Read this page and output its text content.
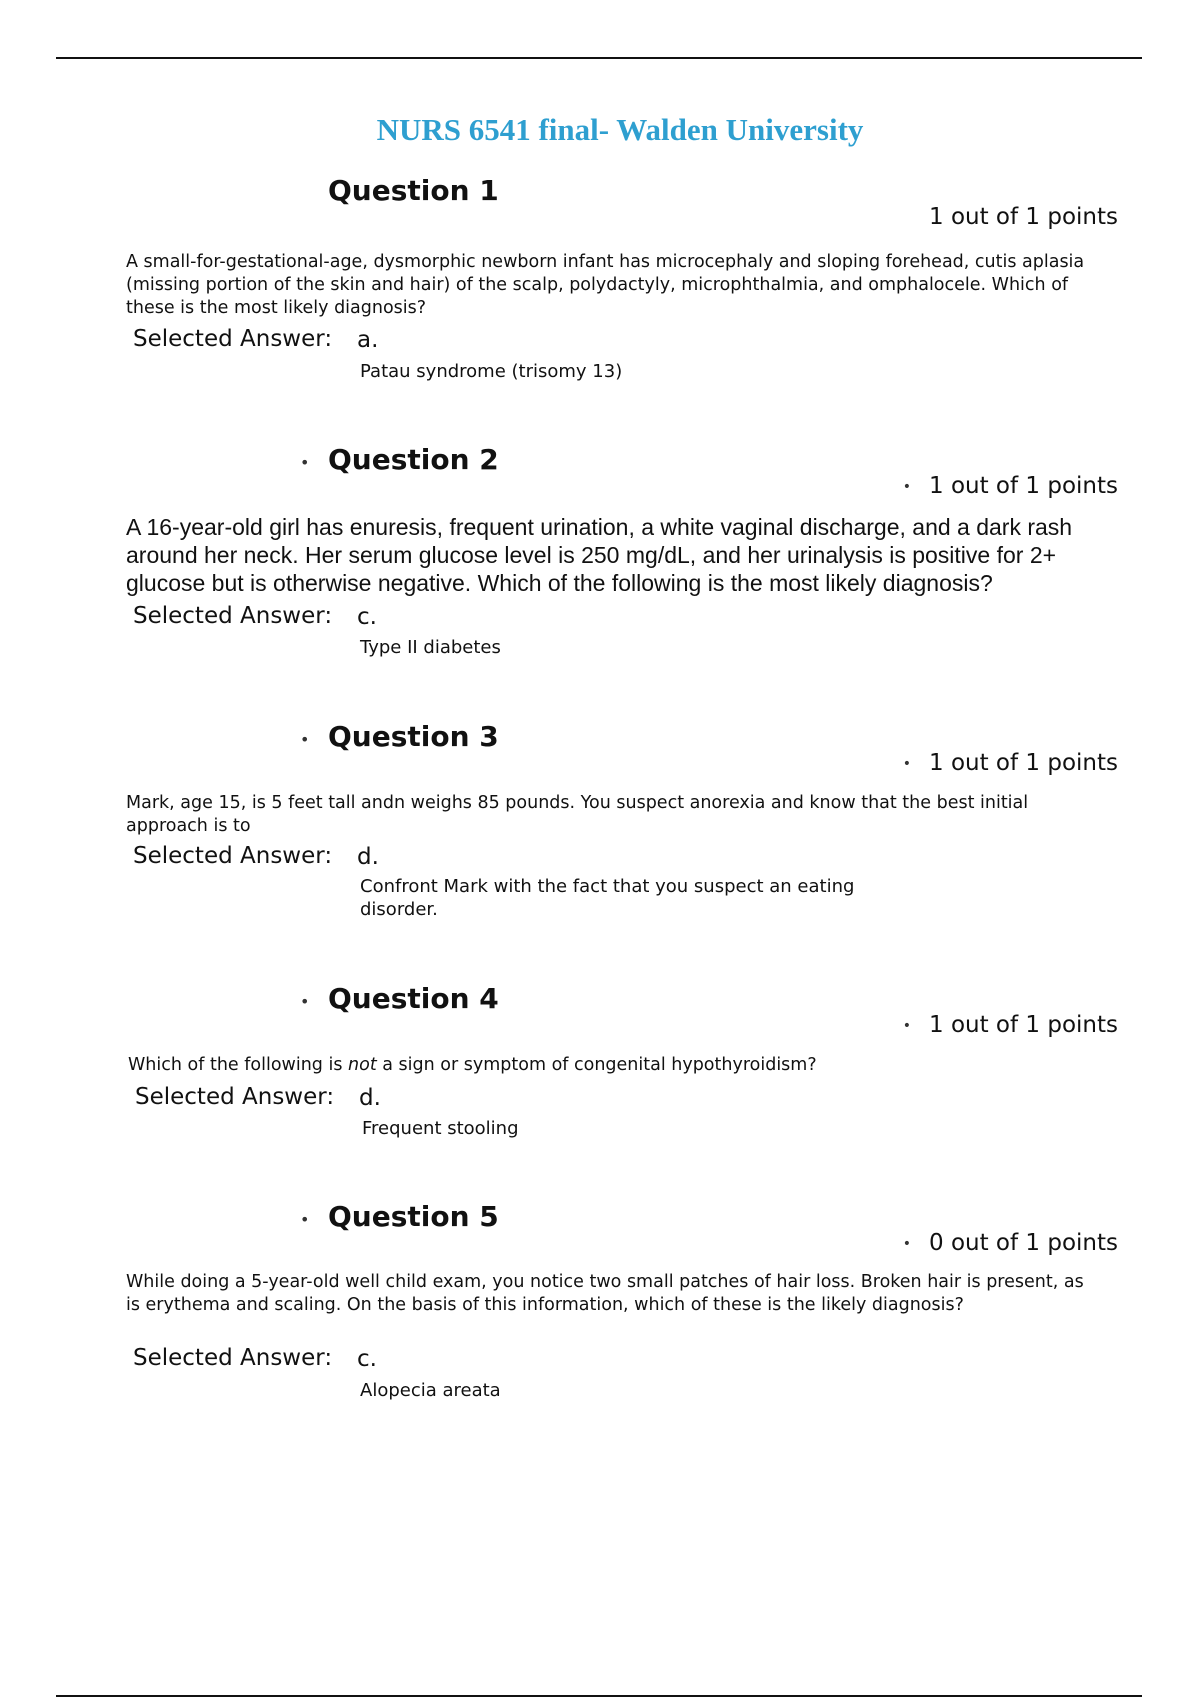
NURS 6541 final- Walden University
Question 1
1 out of 1 points

A small-for-gestational-age, dysmorphic newborn infant has microcephaly and sloping forehead, cutis aplasia (missing portion of the skin and hair) of the scalp, polydactyly, microphthalmia, and omphalocele. Which of these is the most likely diagnosis?

Selected Answer: a.
Patau syndrome (trisomy 13)
• Question 2
• 1 out of 1 points

A 16-year-old girl has enuresis, frequent urination, a white vaginal discharge, and a dark rash around her neck. Her serum glucose level is 250 mg/dL, and her urinalysis is positive for 2+ glucose but is otherwise negative. Which of the following is the most likely diagnosis?

Selected Answer: c.
Type II diabetes
• Question 3
• 1 out of 1 points

Mark, age 15, is 5 feet tall andn weighs 85 pounds. You suspect anorexia and know that the best initial approach is to

Selected Answer: d.
Confront Mark with the fact that you suspect an eating disorder.
• Question 4
• 1 out of 1 points

Which of the following is not a sign or symptom of congenital hypothyroidism?

Selected Answer: d.
Frequent stooling
• Question 5
• 0 out of 1 points

While doing a 5-year-old well child exam, you notice two small patches of hair loss. Broken hair is present, as is erythema and scaling. On the basis of this information, which of these is the likely diagnosis?

Selected Answer: c.
Alopecia areata
